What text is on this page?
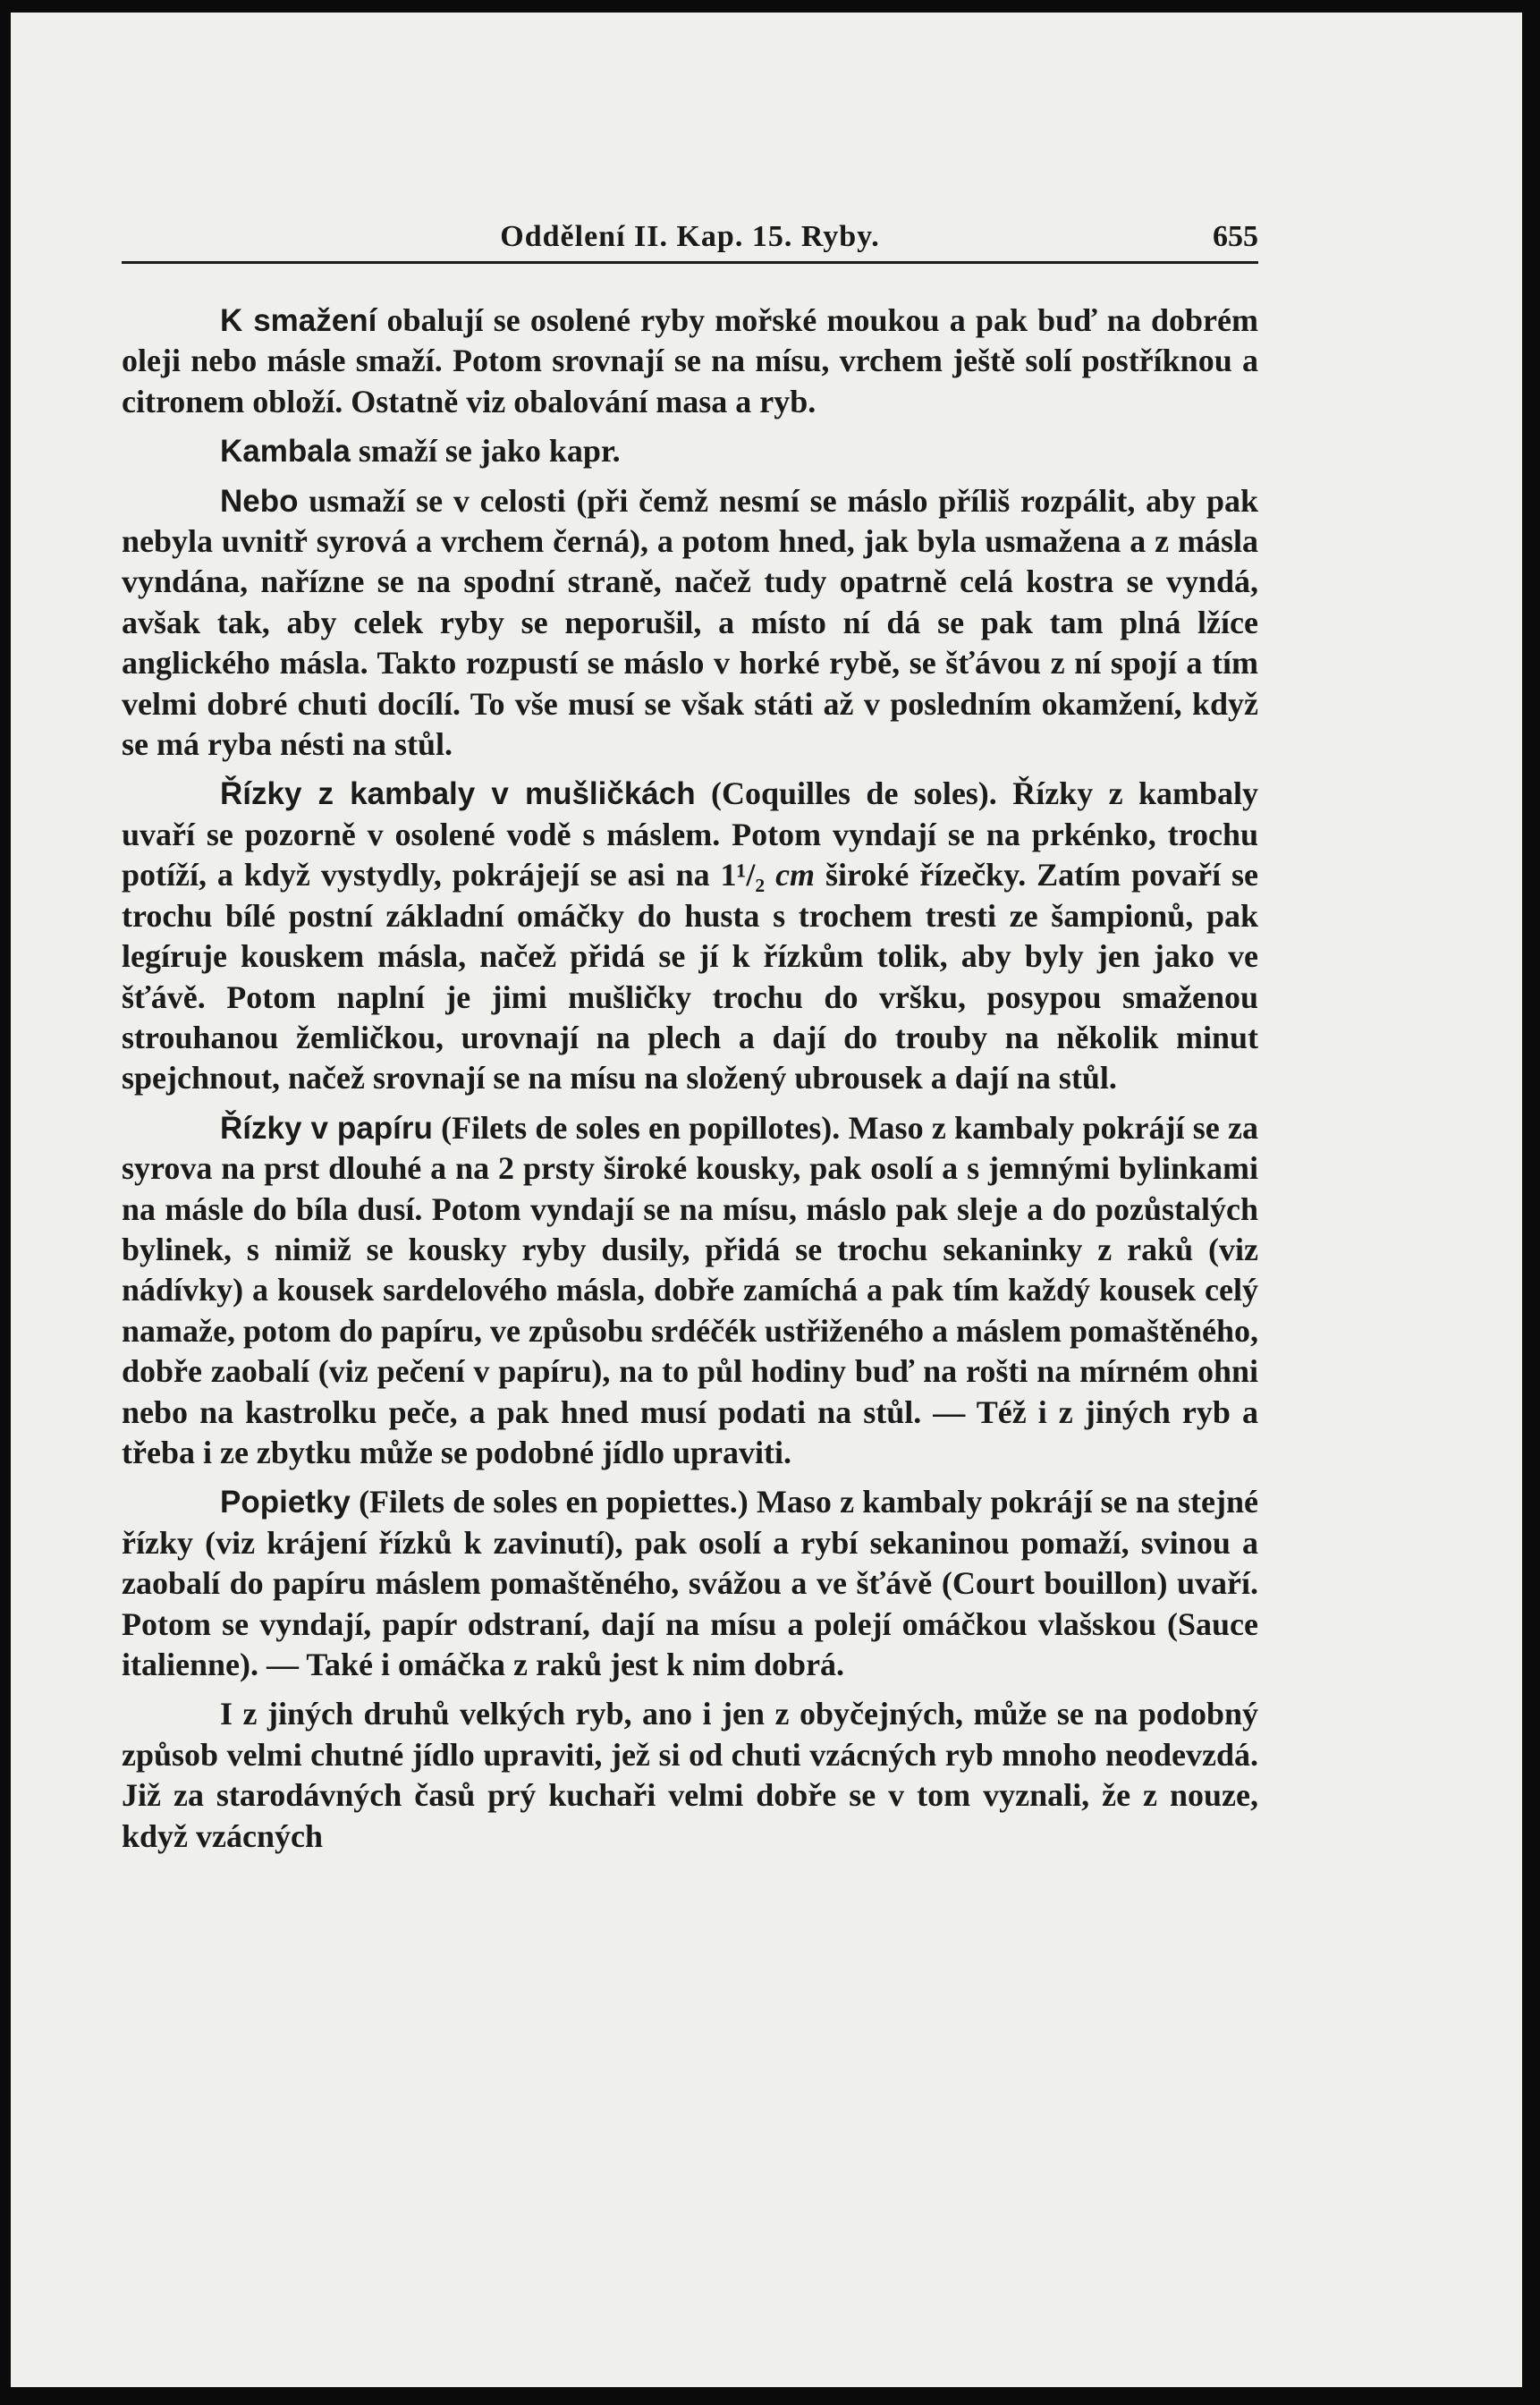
Oddělení II. Kap. 15. Ryby.	655

K smažení obalují se osolené ryby mořské moukou a pak buď na dobrém oleji nebo másle smaží. Potom srovnají se na mísu, vrchem ještě solí postříknou a citronem obloží. Ostatně viz obalování masa a ryb.

Kambala smaží se jako kapr.

Nebo usmaží se v celosti (při čemž nesmí se máslo příliš rozpálit, aby pak nebyla uvnitř syrová a vrchem černá), a potom hned, jak byla usmažena a z másla vyndána, nařízne se na spodní straně, načež tudy opatrně celá kostra se vyndá, avšak tak, aby celek ryby se neporušil, a místo ní dá se pak tam plná lžíce anglického másla. Takto rozpustí se máslo v horké rybě, se šťávou z ní spojí a tím velmi dobré chuti docílí. To vše musí se však státi až v posledním okamžení, když se má ryba nésti na stůl.

Řízky z kambaly v mušličkách (Coquilles de soles). Řízky z kambaly uvaří se pozorně v osolené vodě s máslem. Potom vyndají se na prkénko, trochu potíží, a když vystydly, pokrájejí se asi na 1¹/₂ cm široké řízečky. Zatím povaří se trochu bílé postní základní omáčky do husta s trochem tresti ze šampionů, pak legíruje kouskem másla, načež přidá se jí k řízkům tolik, aby byly jen jako ve šťávě. Potom naplní je jimi mušličky trochu do vršku, posypou smaženou strouhanou žemličkou, urovnají na plech a dají do trouby na několik minut spejchnout, načež srovnají se na mísu na složený ubrousek a dají na stůl.

Řízky v papíru (Filets de soles en popillotes). Maso z kambaly pokrájí se za syrova na prst dlouhé a na 2 prsty široké kousky, pak osolí a s jemnými bylinkami na másle do bíla dusí. Potom vyndají se na mísu, máslo pak sleje a do pozůstalých bylinek, s nimiž se kousky ryby dusily, přidá se trochu sekaninky z raků (viz nádívky) a kousek sardelového másla, dobře zamíchá a pak tím každý kousek celý namaže, potom do papíru, ve způsobu srdéčék ustřiženého a máslem pomaštěného, dobře zaobalí (viz pečení v papíru), na to půl hodiny buď na rošti na mírném ohni nebo na kastrolku peče, a pak hned musí podati na stůl. — Též i z jiných ryb a třeba i ze zbytku může se podobné jídlo upraviti.

Popietky (Filets de soles en popiettes.) Maso z kambaly pokrájí se na stejné řízky (viz krájení řízků k zavinutí), pak osolí a rybí sekaninou pomaží, svinou a zaobalí do papíru máslem pomaštěného, svážou a ve šťávě (Court bouillon) uvaří. Potom se vyndají, papír odstraní, dají na mísu a polejí omáčkou vlašskou (Sauce italienne). — Také i omáčka z raků jest k nim dobrá.

I z jiných druhů velkých ryb, ano i jen z obyčejných, může se na podobný způsob velmi chutné jídlo upraviti, jež si od chuti vzácných ryb mnoho neodevzdá. Již za starodávných časů prý kuchaři velmi dobře se v tom vyznali, že z nouze, když vzácných
